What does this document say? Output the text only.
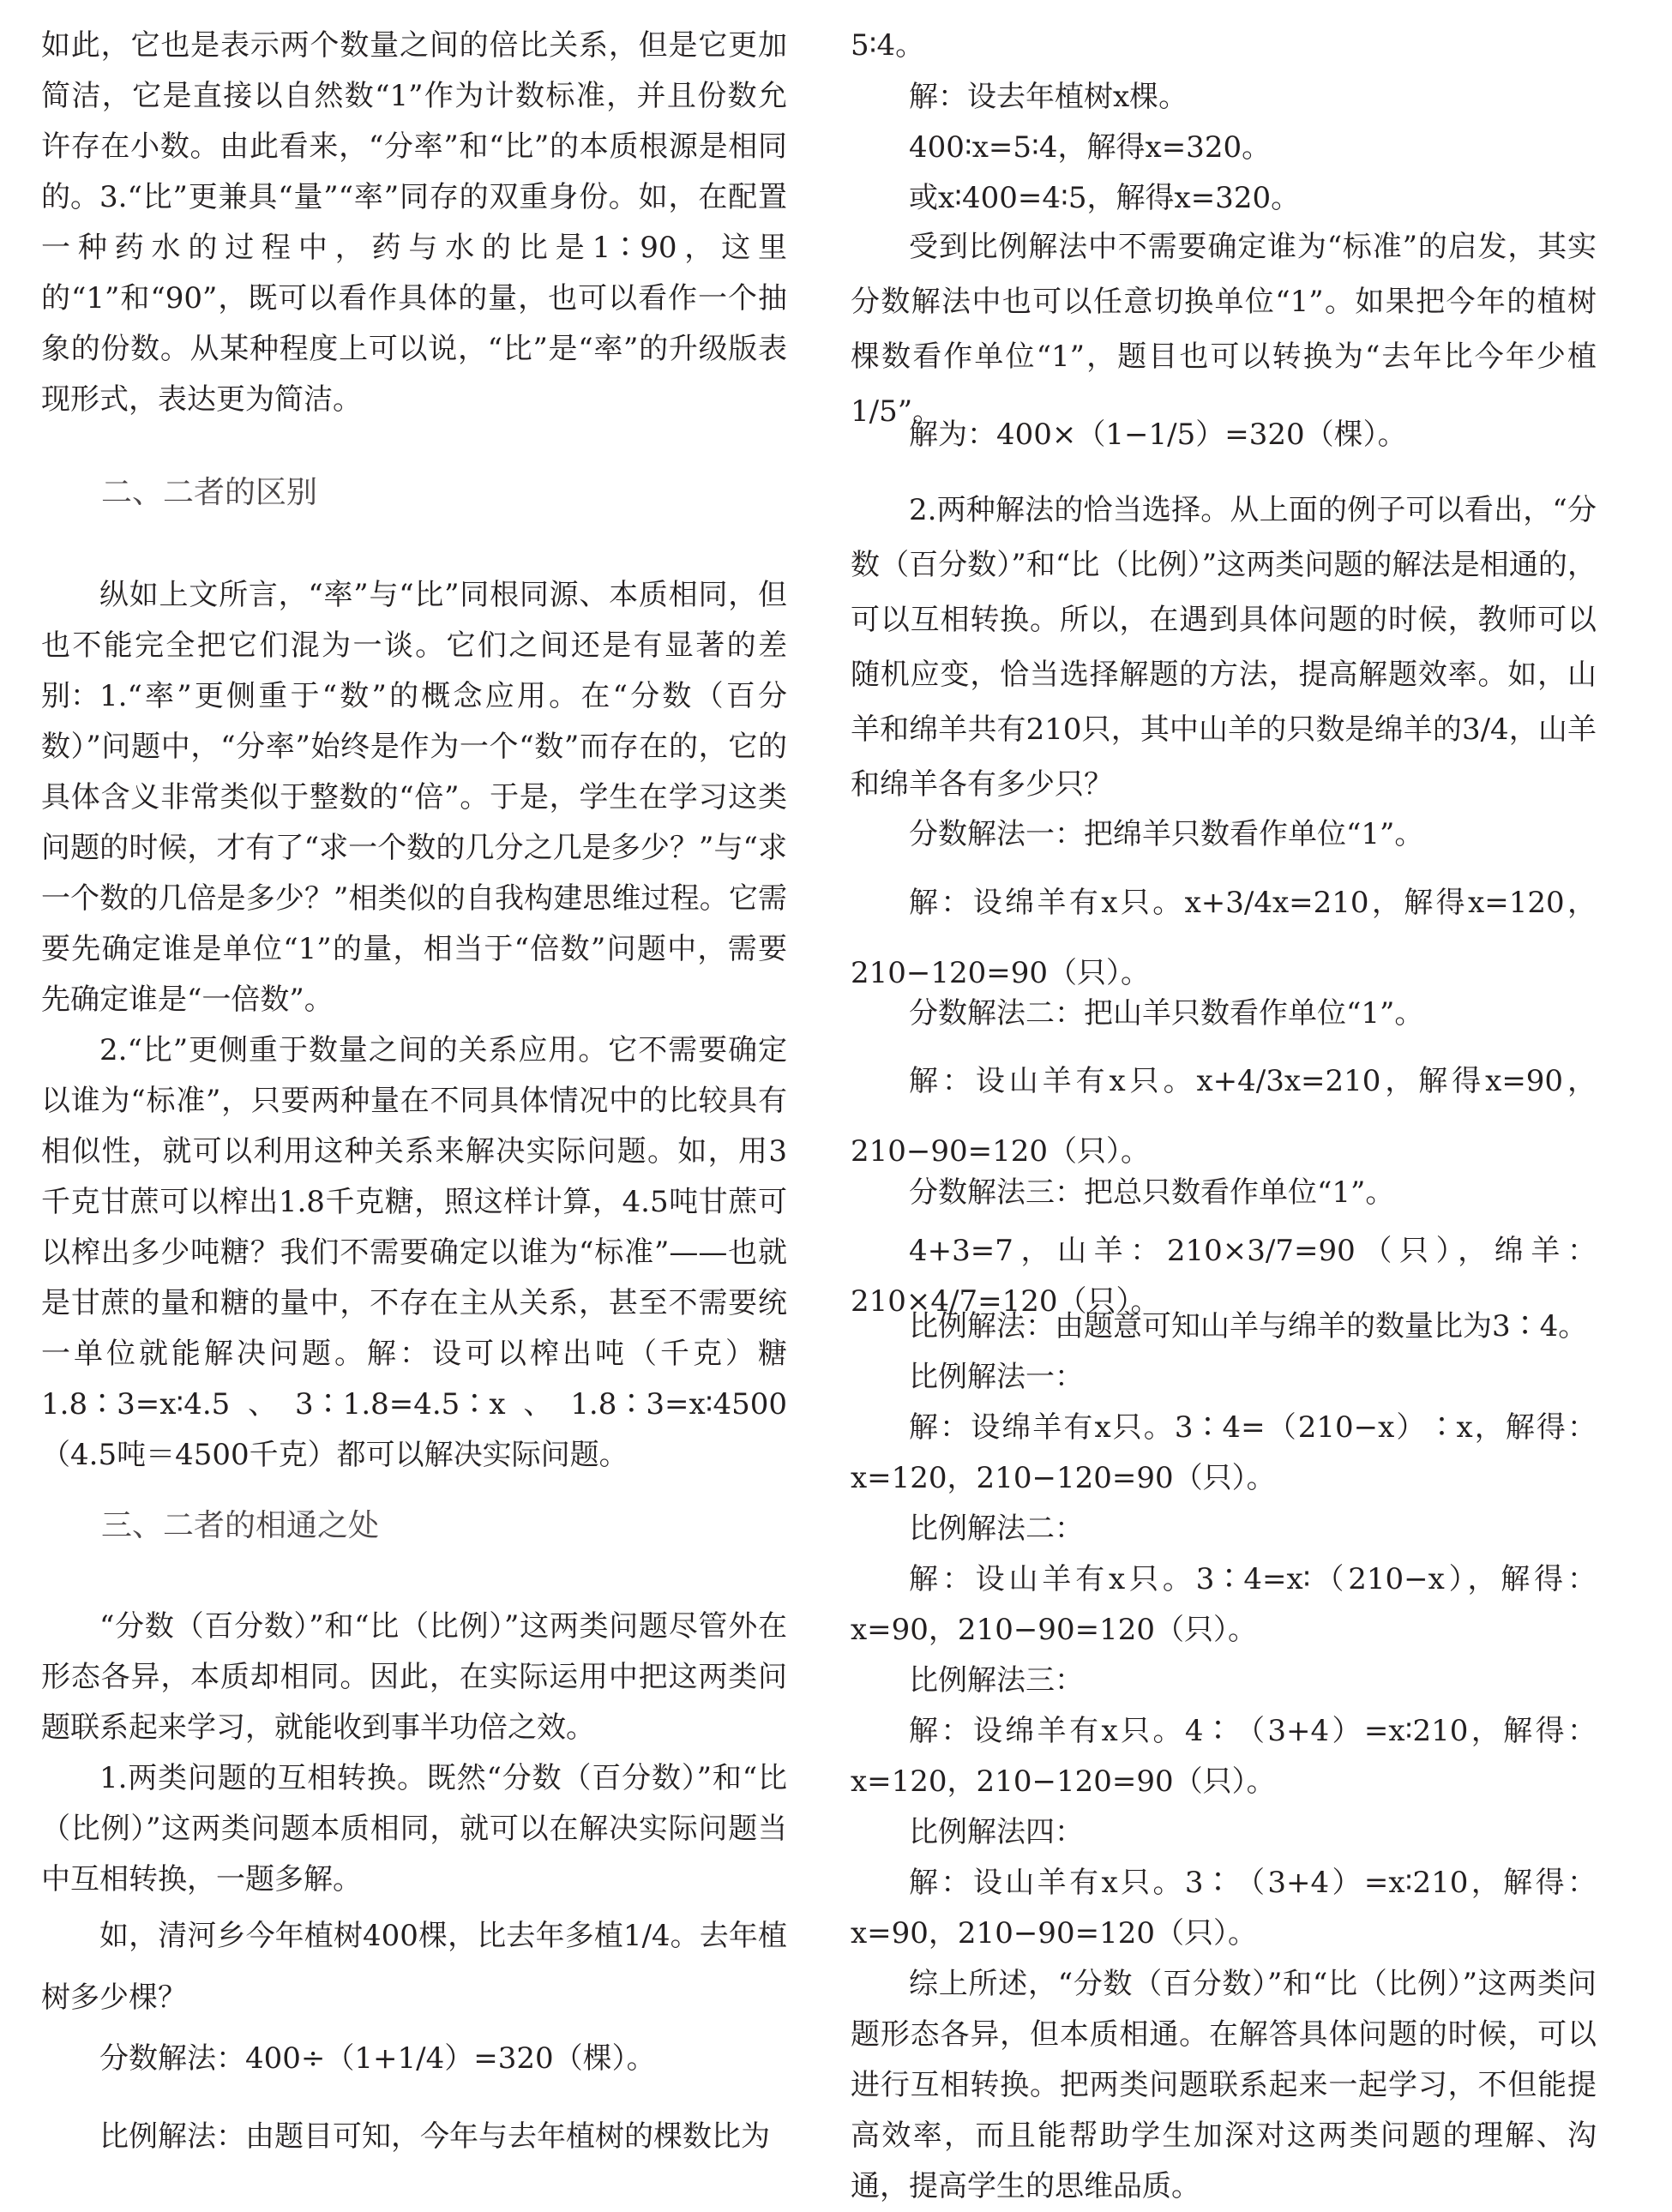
如此，它也是表示两个数量之间的倍比关系，但是它更加简洁，它是直接以自然数“1”作为计数标准，并且份数允许存在小数。由此看来，“分率”和“比”的本质根源是相同的。 3.“比”更兼具“量”“率”同存的双重身份。如，在配置一种药水的过程中，药与水的比是1∶90，这里的“1”和“90”，既可以看作具体的量，也可以看作一个抽象的份数。从某种程度上可以说，“比”是“率”的升级版表现形式，表达更为简洁。

二、二者的区别

纵如上文所言，“率”与“比”同根同源、本质相同，但也不能完全把它们混为一谈。它们之间还是有显著的差别： 1.“率”更侧重于“数”的概念应用。在“分数（百分数）”问题中，“分率”始终是作为一个“数”而存在的，它的具体含义非常类似于整数的“倍”。于是，学生在学习这类问题的时候，才有了“求一个数的几分之几是多少？”与“求一个数的几倍是多少？”相类似的自我构建思维过程。它需要先确定谁是单位“1”的量，相当于“倍数”问题中，需要先确定谁是“一倍数”。

2.“比”更侧重于数量之间的关系应用。它不需要确定以谁为“标准”，只要两种量在不同具体情况中的比较具有相似性，就可以利用这种关系来解决实际问题。如，用3千克甘蔗可以榨出1.8千克糖，照这样计算，4.5吨甘蔗可以榨出多少吨糖？我们不需要确定以谁为“标准”——也就是甘蔗的量和糖的量中，不存在主从关系，甚至不需要统一单位就能解决问题。解：设可以榨出吨（千克）糖1.8∶3=x∶4.5、3∶1.8=4.5∶x、1.8∶3=x∶4500（4.5吨＝4500千克）都可以解决实际问题。

三、二者的相通之处

“分数（百分数）”和“比（比例）”这两类问题尽管外在形态各异，本质却相同。因此，在实际运用中把这两类问题联系起来学习，就能收到事半功倍之效。

1.两类问题的互相转换。既然“分数（百分数）”和“比（比例）”这两类问题本质相同，就可以在解决实际问题当中互相转换，一题多解。

如，清河乡今年植树400棵，比去年多植1/4。去年植树多少棵？

分数解法：400÷（1+1/4）=320（棵）。

比例解法：由题目可知，今年与去年植树的棵数比为

5∶4。

解：设去年植树x棵。

400∶x=5∶4，解得x=320。

或x∶400=4∶5，解得x=320。

受到比例解法中不需要确定谁为“标准”的启发，其实分数解法中也可以任意切换单位“1”。如果把今年的植树棵数看作单位“1”，题目也可以转换为“去年比今年少植1/5”。

解为：400×（1−1/5）=320（棵）。

2.两种解法的恰当选择。从上面的例子可以看出，“分数（百分数）”和“比（比例）”这两类问题的解法是相通的，可以互相转换。所以，在遇到具体问题的时候，教师可以随机应变，恰当选择解题的方法，提高解题效率。如，山羊和绵羊共有210只，其中山羊的只数是绵羊的3/4，山羊和绵羊各有多少只？

分数解法一：把绵羊只数看作单位“1”。

解：设绵羊有x只。x+3/4x=210，解得x=120，210−120=90（只）。

分数解法二：把山羊只数看作单位“1”。

解：设山羊有x只。x+4/3x=210，解得x=90，210−90=120（只）。

分数解法三：把总只数看作单位“1”。

4+3=7，山羊：210×3/7=90（只），绵羊：210×4/7=120（只）。

比例解法：由题意可知山羊与绵羊的数量比为3∶4。

比例解法一：

解：设绵羊有x只。3∶4=（210−x）∶x，解得：x=120，210−120=90（只）。

比例解法二：

解：设山羊有x只。3∶4=x∶（210−x），解得：x=90，210−90=120（只）。

比例解法三：

解：设绵羊有x只。4∶（3+4）=x∶210，解得：x=120，210−120=90（只）。

比例解法四：

解：设山羊有x只。3∶（3+4）=x∶210，解得：x=90，210−90=120（只）。

综上所述，“分数（百分数）”和“比（比例）”这两类问题形态各异，但本质相通。在解答具体问题的时候，可以进行互相转换。把两类问题联系起来一起学习，不但能提高效率，而且能帮助学生加深对这两类问题的理解、沟通，提高学生的思维品质。
